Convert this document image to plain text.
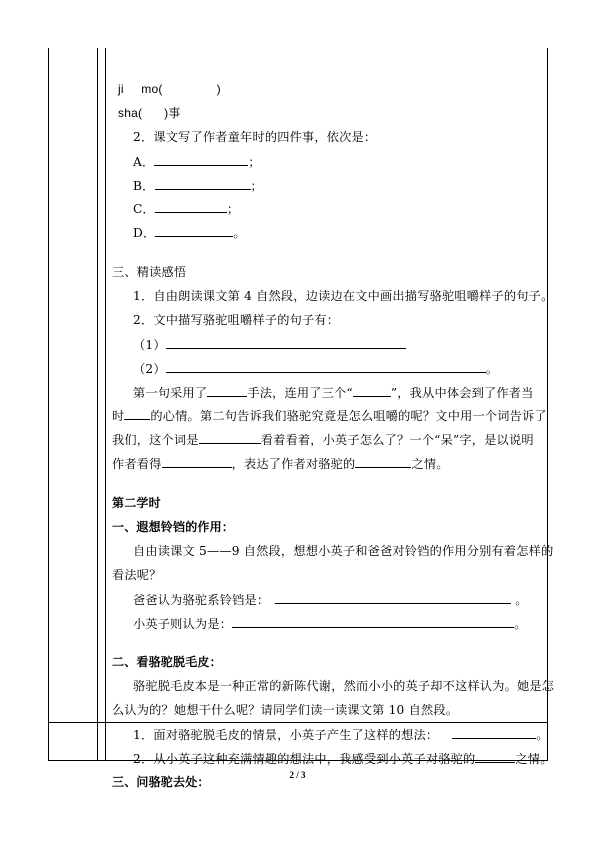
ji mo(	)
sha( )事
2．课文写了作者童年时的四件事，依次是：
A．	；
B．	；
C．	；
D．	。
三、精读感悟
1．自由朗读课文第 4 自然段，边读边在文中画出描写骆驼咀嚼样子的句子。
2．文中描写骆驼咀嚼样子的句子有：
（1）
（2）	。
第一句采用了	手法，连用了三个“	”，我从中体会到了作者当
时 的心情。第二句告诉我们骆驼究竟是怎么咀嚼的呢？文中用一个词告诉了
我们，这个词是	看着看着，小英子怎么了？一个“呆”字，是以说明
作者看得	，表达了作者对骆驼的	之情。
第二学时
一、遐想铃铛的作用：
自由读课文 5——9 自然段，想想小英子和爸爸对铃铛的作用分别有着怎样的
看法呢？
爸爸认为骆驼系铃铛是：	。
小英子则认为是：	。
二、看骆驼脱毛皮：
骆驼脱毛皮本是一种正常的新陈代谢，然而小小的英子却不这样认为。她是怎
么认为的？她想干什么呢？请同学们读一读课文第 10 自然段。
1．面对骆驼脱毛皮的情景，小英子产生了这样的想法：	。
2．从小英子这种充满情趣的想法中，我感受到小英子对骆驼的	之情。
三、问骆驼去处：	2 / 3
